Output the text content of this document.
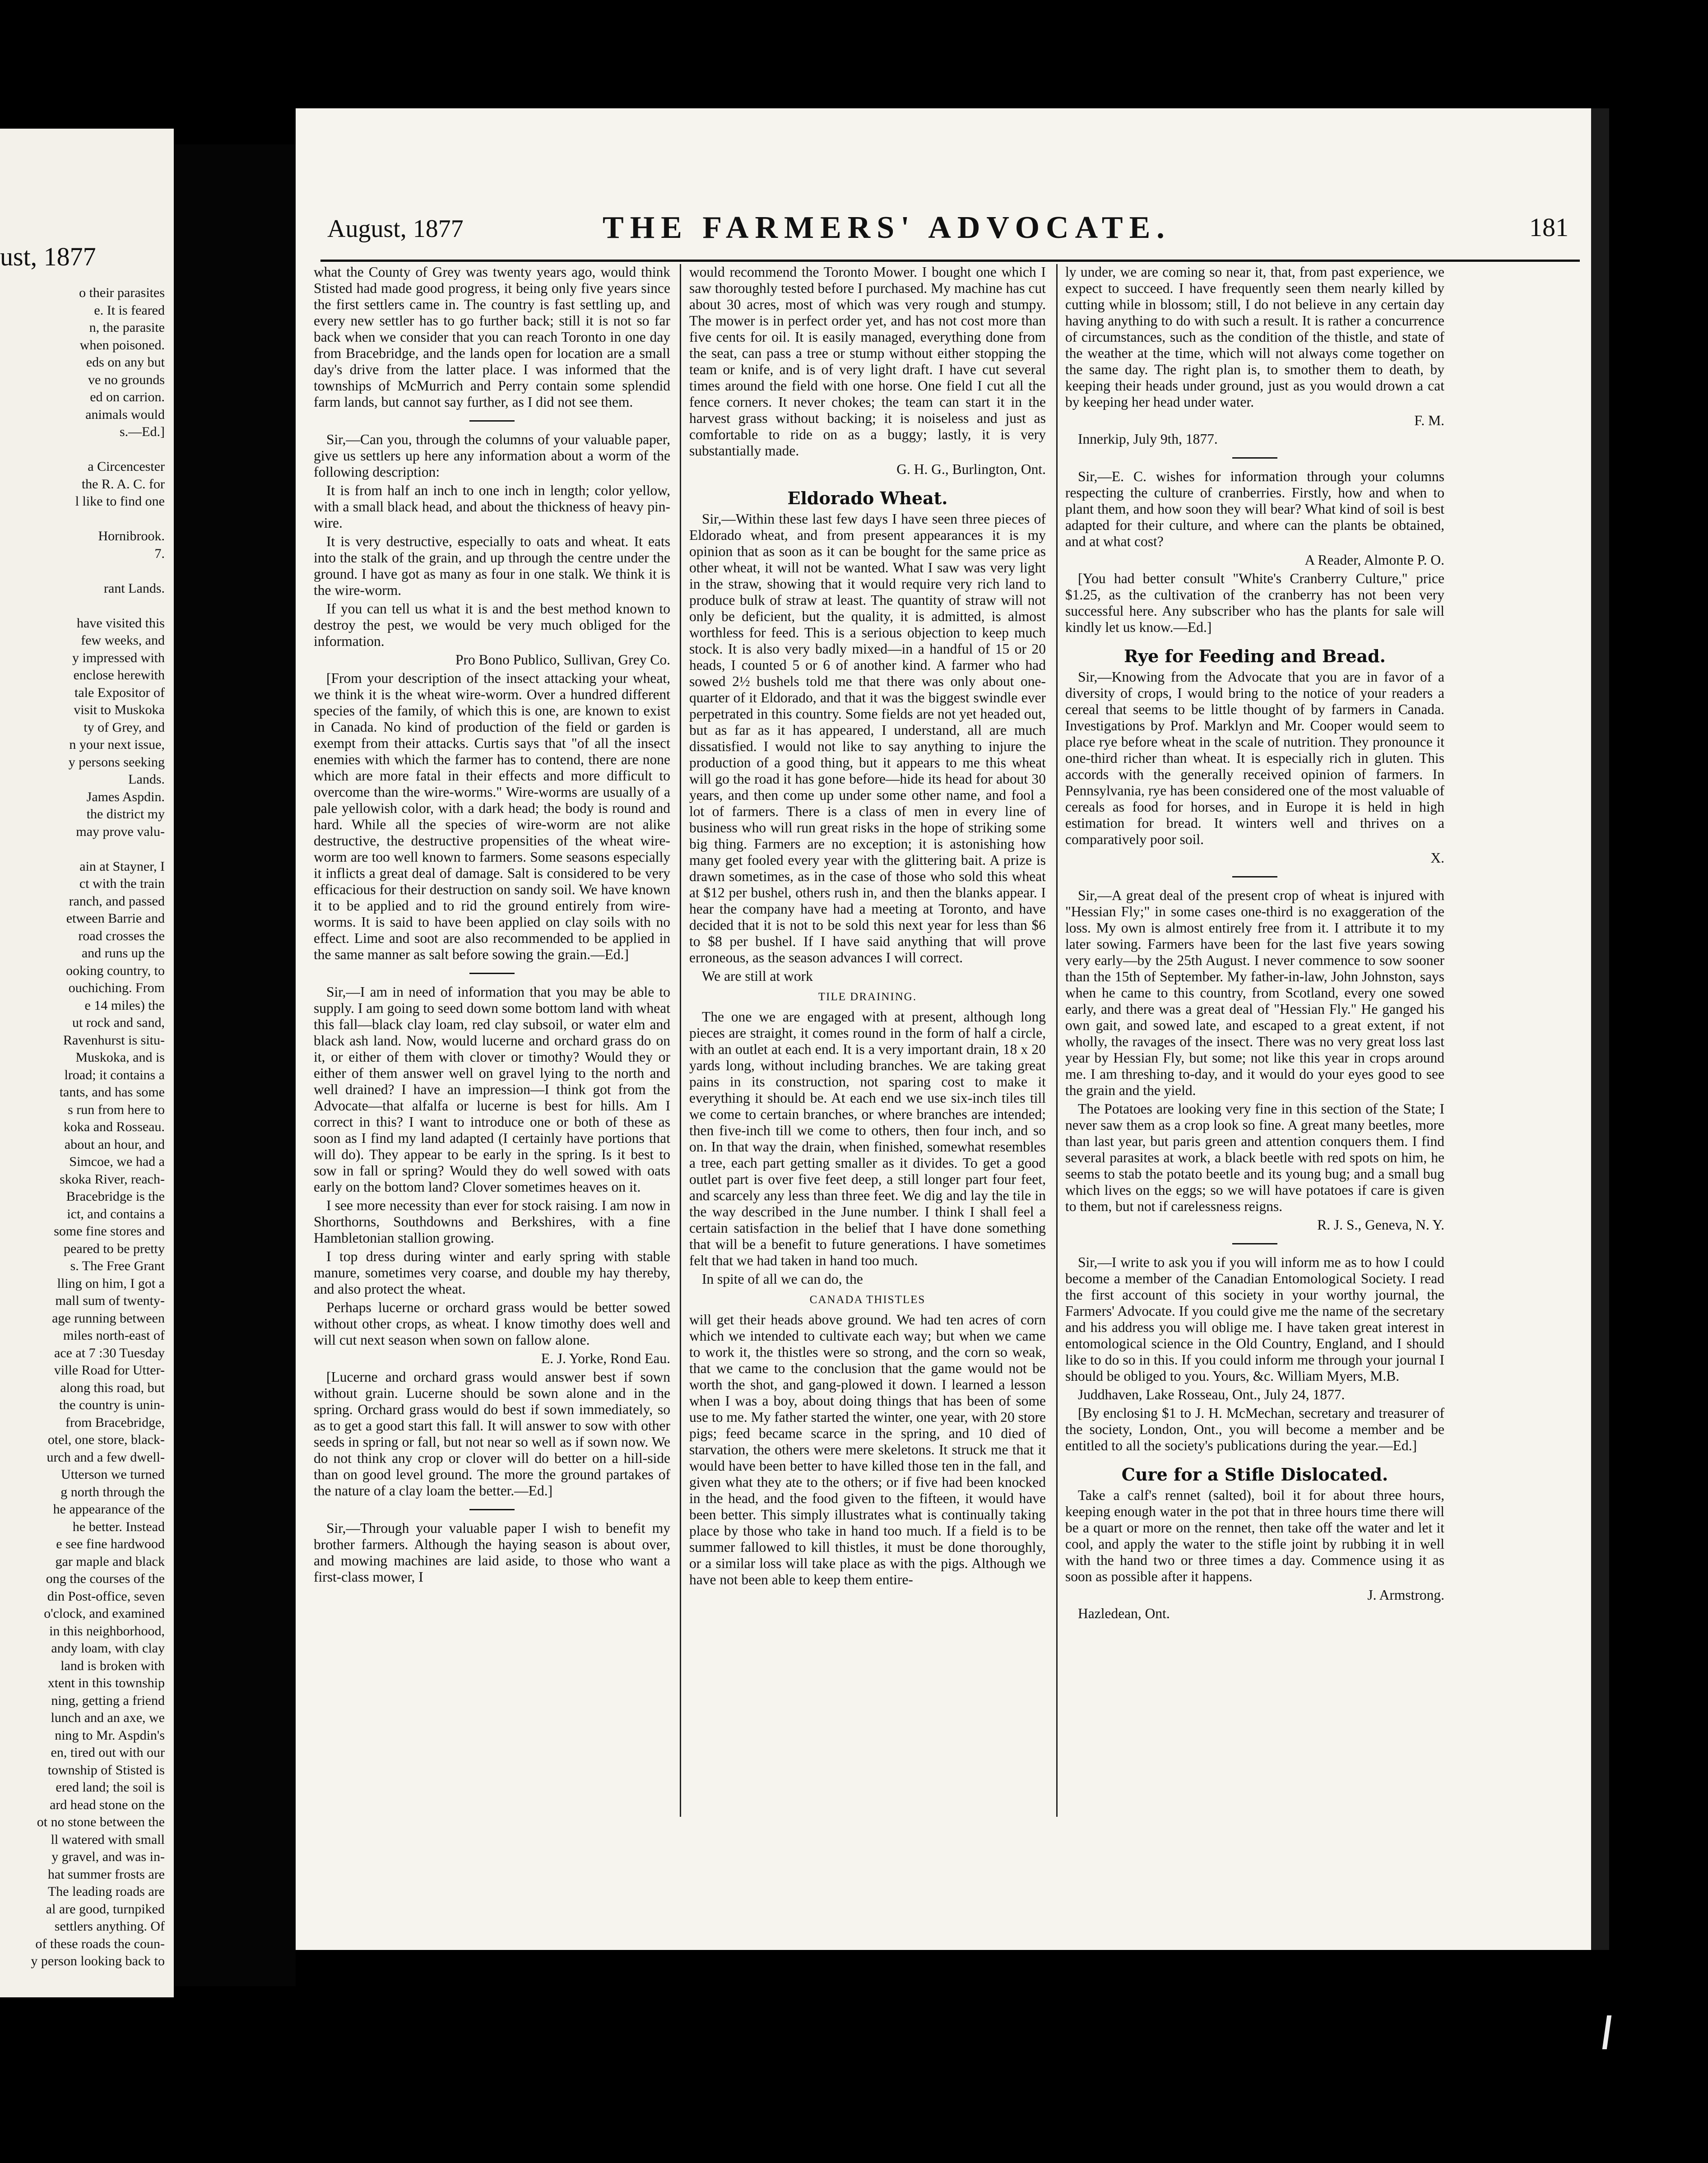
o their parasites

e. It is feared

n, the parasite

when poisoned.

eds on any but

ve no grounds

ed on carrion.

animals would

s.—Ed.]

a Circencester

the R. A. C. for

l like to find one

Hornibrook.

7.

rant Lands.

have visited this

few weeks, and

y impressed with

enclose herewith

tale Expositor of

visit to Muskoka

ty of Grey, and

n your next issue,

y persons seeking

Lands.

James Aspdin.

the district my

may prove valu-

ain at Stayner, I

ct with the train

ranch, and passed

etween Barrie and

road crosses the

and runs up the

ooking country, to

ouchiching. From

e 14 miles) the

ut rock and sand,

Ravenhurst is situ-

Muskoka, and is

lroad; it contains a

tants, and has some

s run from here to

koka and Rosseau.

about an hour, and

Simcoe, we had a

skoka River, reach-

Bracebridge is the

ict, and contains a

some fine stores and

peared to be pretty

s. The Free Grant

lling on him, I got a

mall sum of twenty-

age running between

miles north-east of

ace at 7 :30 Tuesday

ville Road for Utter-

along this road, but

the country is unin-

from Bracebridge,

otel, one store, black-

urch and a few dwell-

Utterson we turned

g north through the

he appearance of the

he better. Instead

e see fine hardwood

gar maple and black

ong the courses of the

din Post-office, seven

o'clock, and examined

in this neighborhood,

andy loam, with clay

land is broken with

xtent in this township

ning, getting a friend

lunch and an axe, we

ning to Mr. Aspdin's

en, tired out with our

township of Stisted is

ered land; the soil is

ard head stone on the

ot no stone between the

ll watered with small

y gravel, and was in-

hat summer frosts are

The leading roads are

al are good, turnpiked

settlers anything. Of

of these roads the coun-

y person looking back to

ust, 1877
August, 1877	THE FARMERS' ADVOCATE.	181

what the County of Grey was twenty years ago, would think Stisted had made good progress, it being only five years since the first settlers came in. The country is fast settling up, and every new settler has to go further back; still it is not so far back when we consider that you can reach Toronto in one day from Bracebridge, and the lands open for location are a small day's drive from the latter place. I was informed that the townships of McMurrich and Perry contain some splendid farm lands, but cannot say further, as I did not see them.

Sir,—Can you, through the columns of your valuable paper, give us settlers up here any information about a worm of the following description:

It is from half an inch to one inch in length; color yellow, with a small black head, and about the thickness of heavy pin-wire.

It is very destructive, especially to oats and wheat. It eats into the stalk of the grain, and up through the centre under the ground. I have got as many as four in one stalk. We think it is the wire-worm.

If you can tell us what it is and the best method known to destroy the pest, we would be very much obliged for the information.

Pro Bono Publico, Sullivan, Grey Co.

[From your description of the insect attacking your wheat, we think it is the wheat wire-worm. Over a hundred different species of the family, of which this is one, are known to exist in Canada. No kind of production of the field or garden is exempt from their attacks. Curtis says that "of all the insect enemies with which the farmer has to contend, there are none which are more fatal in their effects and more difficult to overcome than the wire-worms." Wire-worms are usually of a pale yellowish color, with a dark head; the body is round and hard. While all the species of wire-worm are not alike destructive, the destructive propensities of the wheat wire-worm are too well known to farmers. Some seasons especially it inflicts a great deal of damage. Salt is considered to be very efficacious for their destruction on sandy soil. We have known it to be applied and to rid the ground entirely from wire-worms. It is said to have been applied on clay soils with no effect. Lime and soot are also recommended to be applied in the same manner as salt before sowing the grain.—Ed.]

Sir,—I am in need of information that you may be able to supply. I am going to seed down some bottom land with wheat this fall—black clay loam, red clay subsoil, or water elm and black ash land. Now, would lucerne and orchard grass do on it, or either of them with clover or timothy? Would they or either of them answer well on gravel lying to the north and well drained? I have an impression—I think got from the Advocate—that alfalfa or lucerne is best for hills. Am I correct in this? I want to introduce one or both of these as soon as I find my land adapted (I certainly have portions that will do). They appear to be early in the spring. Is it best to sow in fall or spring? Would they do well sowed with oats early on the bottom land? Clover sometimes heaves on it.

I see more necessity than ever for stock raising. I am now in Shorthorns, Southdowns and Berkshires, with a fine Hambletonian stallion growing.

I top dress during winter and early spring with stable manure, sometimes very coarse, and double my hay thereby, and also protect the wheat.

Perhaps lucerne or orchard grass would be better sowed without other crops, as wheat. I know timothy does well and will cut next season when sown on fallow alone.

E. J. Yorke, Rond Eau.

[Lucerne and orchard grass would answer best if sown without grain. Lucerne should be sown alone and in the spring. Orchard grass would do best if sown immediately, so as to get a good start this fall. It will answer to sow with other seeds in spring or fall, but not near so well as if sown now. We do not think any crop or clover will do better on a hill-side than on good level ground. The more the ground partakes of the nature of a clay loam the better.—Ed.]

Sir,—Through your valuable paper I wish to benefit my brother farmers. Although the haying season is about over, and mowing machines are laid aside, to those who want a first-class mower, I

would recommend the Toronto Mower. I bought one which I saw thoroughly tested before I purchased. My machine has cut about 30 acres, most of which was very rough and stumpy. The mower is in perfect order yet, and has not cost more than five cents for oil. It is easily managed, everything done from the seat, can pass a tree or stump without either stopping the team or knife, and is of very light draft. I have cut several times around the field with one horse. One field I cut all the fence corners. It never chokes; the team can start it in the harvest grass without backing; it is noiseless and just as comfortable to ride on as a buggy; lastly, it is very substantially made.

G. H. G., Burlington, Ont.

Eldorado Wheat.

Sir,—Within these last few days I have seen three pieces of Eldorado wheat, and from present appearances it is my opinion that as soon as it can be bought for the same price as other wheat, it will not be wanted. What I saw was very light in the straw, showing that it would require very rich land to produce bulk of straw at least. The quantity of straw will not only be deficient, but the quality, it is admitted, is almost worthless for feed. This is a serious objection to keep much stock. It is also very badly mixed—in a handful of 15 or 20 heads, I counted 5 or 6 of another kind. A farmer who had sowed 2½ bushels told me that there was only about one-quarter of it Eldorado, and that it was the biggest swindle ever perpetrated in this country. Some fields are not yet headed out, but as far as it has appeared, I understand, all are much dissatisfied. I would not like to say anything to injure the production of a good thing, but it appears to me this wheat will go the road it has gone before—hide its head for about 30 years, and then come up under some other name, and fool a lot of farmers. There is a class of men in every line of business who will run great risks in the hope of striking some big thing. Farmers are no exception; it is astonishing how many get fooled every year with the glittering bait. A prize is drawn sometimes, as in the case of those who sold this wheat at $12 per bushel, others rush in, and then the blanks appear. I hear the company have had a meeting at Toronto, and have decided that it is not to be sold this next year for less than $6 to $8 per bushel. If I have said anything that will prove erroneous, as the season advances I will correct.

We are still at work

TILE DRAINING.

The one we are engaged with at present, although long pieces are straight, it comes round in the form of half a circle, with an outlet at each end. It is a very important drain, 18 x 20 yards long, without including branches. We are taking great pains in its construction, not sparing cost to make it everything it should be. At each end we use six-inch tiles till we come to certain branches, or where branches are intended; then five-inch till we come to others, then four inch, and so on. In that way the drain, when finished, somewhat resembles a tree, each part getting smaller as it divides. To get a good outlet part is over five feet deep, a still longer part four feet, and scarcely any less than three feet. We dig and lay the tile in the way described in the June number. I think I shall feel a certain satisfaction in the belief that I have done something that will be a benefit to future generations. I have sometimes felt that we had taken in hand too much.

In spite of all we can do, the

CANADA THISTLES

will get their heads above ground. We had ten acres of corn which we intended to cultivate each way; but when we came to work it, the thistles were so strong, and the corn so weak, that we came to the conclusion that the game would not be worth the shot, and gang-plowed it down. I learned a lesson when I was a boy, about doing things that has been of some use to me. My father started the winter, one year, with 20 store pigs; feed became scarce in the spring, and 10 died of starvation, the others were mere skeletons. It struck me that it would have been better to have killed those ten in the fall, and given what they ate to the others; or if five had been knocked in the head, and the food given to the fifteen, it would have been better. This simply illustrates what is continually taking place by those who take in hand too much. If a field is to be summer fallowed to kill thistles, it must be done thoroughly, or a similar loss will take place as with the pigs. Although we have not been able to keep them entire-

ly under, we are coming so near it, that, from past experience, we expect to succeed. I have frequently seen them nearly killed by cutting while in blossom; still, I do not believe in any certain day having anything to do with such a result. It is rather a concurrence of circumstances, such as the condition of the thistle, and state of the weather at the time, which will not always come together on the same day. The right plan is, to smother them to death, by keeping their heads under ground, just as you would drown a cat by keeping her head under water.

F. M.

Innerkip, July 9th, 1877.

Sir,—E. C. wishes for information through your columns respecting the culture of cranberries. Firstly, how and when to plant them, and how soon they will bear? What kind of soil is best adapted for their culture, and where can the plants be obtained, and at what cost?

A Reader, Almonte P. O.

[You had better consult "White's Cranberry Culture," price $1.25, as the cultivation of the cranberry has not been very successful here. Any subscriber who has the plants for sale will kindly let us know.—Ed.]

Rye for Feeding and Bread.

Sir,—Knowing from the Advocate that you are in favor of a diversity of crops, I would bring to the notice of your readers a cereal that seems to be little thought of by farmers in Canada. Investigations by Prof. Marklyn and Mr. Cooper would seem to place rye before wheat in the scale of nutrition. They pronounce it one-third richer than wheat. It is especially rich in gluten. This accords with the generally received opinion of farmers. In Pennsylvania, rye has been considered one of the most valuable of cereals as food for horses, and in Europe it is held in high estimation for bread. It winters well and thrives on a comparatively poor soil.

X.

Sir,—A great deal of the present crop of wheat is injured with "Hessian Fly;" in some cases one-third is no exaggeration of the loss. My own is almost entirely free from it. I attribute it to my later sowing. Farmers have been for the last five years sowing very early—by the 25th August. I never commence to sow sooner than the 15th of September. My father-in-law, John Johnston, says when he came to this country, from Scotland, every one sowed early, and there was a great deal of "Hessian Fly." He ganged his own gait, and sowed late, and escaped to a great extent, if not wholly, the ravages of the insect. There was no very great loss last year by Hessian Fly, but some; not like this year in crops around me. I am threshing to-day, and it would do your eyes good to see the grain and the yield.

The Potatoes are looking very fine in this section of the State; I never saw them as a crop look so fine. A great many beetles, more than last year, but paris green and attention conquers them. I find several parasites at work, a black beetle with red spots on him, he seems to stab the potato beetle and its young bug; and a small bug which lives on the eggs; so we will have potatoes if care is given to them, but not if carelessness reigns.

R. J. S., Geneva, N. Y.

Sir,—I write to ask you if you will inform me as to how I could become a member of the Canadian Entomological Society. I read the first account of this society in your worthy journal, the Farmers' Advocate. If you could give me the name of the secretary and his address you will oblige me. I have taken great interest in entomological science in the Old Country, England, and I should like to do so in this. If you could inform me through your journal I should be obliged to you. Yours, &c. William Myers, M.B.

Juddhaven, Lake Rosseau, Ont., July 24, 1877.

[By enclosing $1 to J. H. McMechan, secretary and treasurer of the society, London, Ont., you will become a member and be entitled to all the society's publications during the year.—Ed.]

Cure for a Stifle Dislocated.

Take a calf's rennet (salted), boil it for about three hours, keeping enough water in the pot that in three hours time there will be a quart or more on the rennet, then take off the water and let it cool, and apply the water to the stifle joint by rubbing it in well with the hand two or three times a day. Commence using it as soon as possible after it happens.

J. Armstrong.

Hazledean, Ont.
